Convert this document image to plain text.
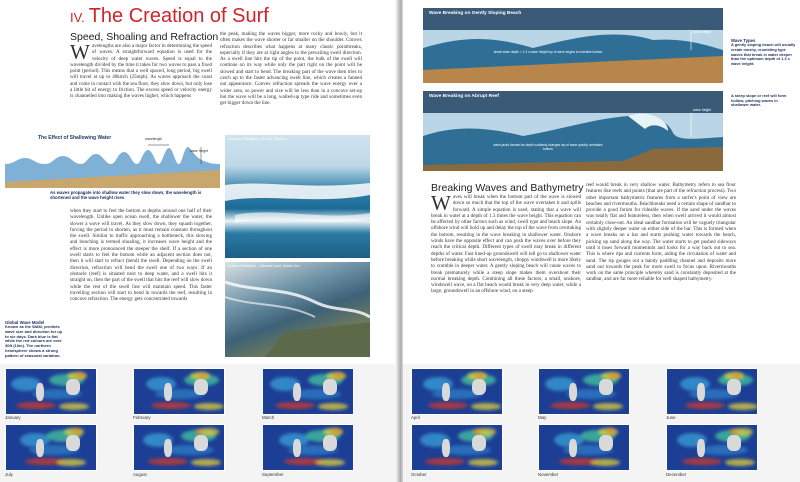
IV. The Creation of Surf
Speed, Shoaling and Refraction
Wavelengths are also a major factor in determining the speed of waves. A straightforward equation is used for the velocity of deep water waves. Speed is equal to the wavelength divided by the time it takes for two waves to pass a fixed point (period). This means that a well spaced, long period, big swell will travel at up to 40km/h (25mph). As waves approach the coast and come in contact with the sea floor, they slow down, but only lose a little bit of energy to friction. The excess speed or velocity energy is channelled into making the waves higher, which happens
the peak, making the waves bigger, more rocky and bowly, but it often makes the wave shorter or far smaller on the shoulder. Convex refraction describes what happens at many classic pointbreaks, especially if they are at right angles to the prevailing swell direction. As a swell line hits the tip of the point, the bulk of the swell will continue on its way while only the part right on the point will be slowed and start to bend. The breaking part of the wave then tries to catch up to the faster advancing swell line, which creates a fanned out appearance. Convex refraction spreads the wave energy over a wider area, so power and size will be less than in a concave set-up but the wave will be a long, walled-up type ride and sometimes even get bigger down the line.
The Effect of Shallowing Water	wavelength
wave height
As waves propagate into shallow water they slow down, the wavelength is shortened and the wave height rises
Concave Refraction – St. Leu, Reunion
Convex Refraction – Steamer Lane, Santa Cruz
when they start to feel the bottom at depths around one half of their wavelength. Unlike open ocean swell, the shallower the water, the slower a wave will travel. As they slow down, they squash together, forcing the period to shorten, as it must remain constant throughout the swell. Similar to traffic approaching a bottleneck, this slowing and bunching is termed shoaling, it increases wave height and the effect is more pronounced the steeper the shelf. If a section of one swell starts to feel the bottom while an adjacent section does not, then it will start to refract (bend) the swell. Depending on the swell direction, refraction will bend the swell one of two ways. If an obstacle (reef) is situated next to deep water, and a swell hits it straight on, then the part of the swell that hits the reef will slow down while the rest of the swell line will maintain speed. This faster travelling section will start to bend in towards the reef, resulting in concave refraction. The energy gets concentrated towards
Global Wave Model
Known as the WAM, predicts wave size and direction for up to six days. Dark blue is flat while the red colours are over 30ft (10m). The northern hemisphere shows a strong pattern of seasonal variation.
January	February	March
July	August	September
Wave Breaking on Gently Sloping Beach
break when depth = 1.3 x wave height top of wave begins to overtake bottom
wave height
Wave Breaking on Abrupt Reef
wave jacks forward as depth suddenly changes top of wave quickly overtakes bottom
wave height
Wave Types
A gently sloping beach will usually create mushy, crumbling type waves that break in water deeper than the optimum depth of 1.3 x wave height.
A steep slope or reef will form hollow, pitching waves in shallower water.
Breaking Waves and Bathymetry
Waves will break when the bottom part of the wave is slowed down so much that the top of the wave overtakes it and spills forward. A simple equation is used, stating that a wave will break in water at a depth of 1.3 times the wave height. This equation can be affected by other factors such as wind, swell type and beach slope. An offshore wind will hold up and delay the top of the wave from overtaking the bottom, resulting in the wave breaking in shallower water. Onshore winds have the opposite effect and can push the waves over before they reach the critical depth. Different types of swell may break in different depths of water. Fast lined-up groundswell will tell go to shallower water before breaking while short wavelength, choppy windswell is more likely to crumble in deeper water. A gently sloping beach will cause waves to break prematurely while a steep slope makes them overshoot their normal breaking depth. Combining all these factors, a small, onshore, windswell wave, on a flat beach would break in very deep water, while a large, groundswell in an offshore wind, on a steep
reef would break in very shallow water. Bathymetry refers to sea floor features like reefs and points (that are part of the refraction process). Two other important bathymetric features from a surfer's point of view are beaches and rivermouths. Beachbreaks need a certain shape of sandbar to provide a good forum for rideable waves. If the sand under the waves was totally flat and featureless, then when swell arrived it would almost certainly close-out. An ideal sandbar formation will be vaguely triangular with slightly deeper water on either side of the bar. This is formed when a wave breaks on a bar and starts pushing water towards the beach, picking up sand along the way. The water starts to get pushed sideways until it loses forward momentum and looks for a way back out to sea. This is where rips and currents form, aiding the circulation of water and sand. The rip gouges out a handy paddling channel and deposits more sand out towards the peak for more swell to focus upon. Rivermouths work on the same principle whereby sand is constantly deposited at the sandbar, and are far more reliable for well shaped bathymetry.
April	May	June
October	November	December
